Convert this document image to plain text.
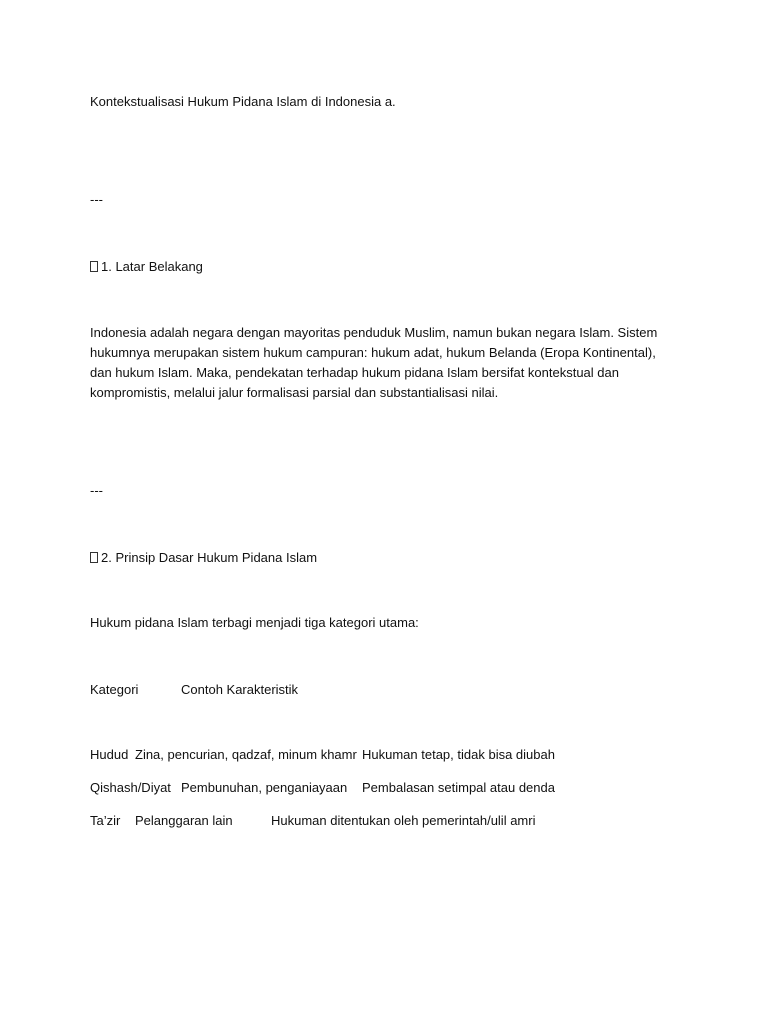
Kontekstualisasi Hukum Pidana Islam di Indonesia a.

---

1. Latar Belakang

Indonesia adalah negara dengan mayoritas penduduk Muslim, namun bukan negara Islam. Sistem hukumnya merupakan sistem hukum campuran: hukum adat, hukum Belanda (Eropa Kontinental), dan hukum Islam. Maka, pendekatan terhadap hukum pidana Islam bersifat kontekstual dan kompromistis, melalui jalur formalisasi parsial dan substantialisasi nilai.

---

2. Prinsip Dasar Hukum Pidana Islam

Hukum pidana Islam terbagi menjadi tiga kategori utama:

Kategori	Contoh Karakteristik
Hudud Zina, pencurian, qadzaf, minum khamr Hukuman tetap, tidak bisa diubah
Qishash/Diyat Pembunuhan, penganiayaan Pembalasan setimpal atau denda
Ta’zir Pelanggaran lain	Hukuman ditentukan oleh pemerintah/ulil amri
